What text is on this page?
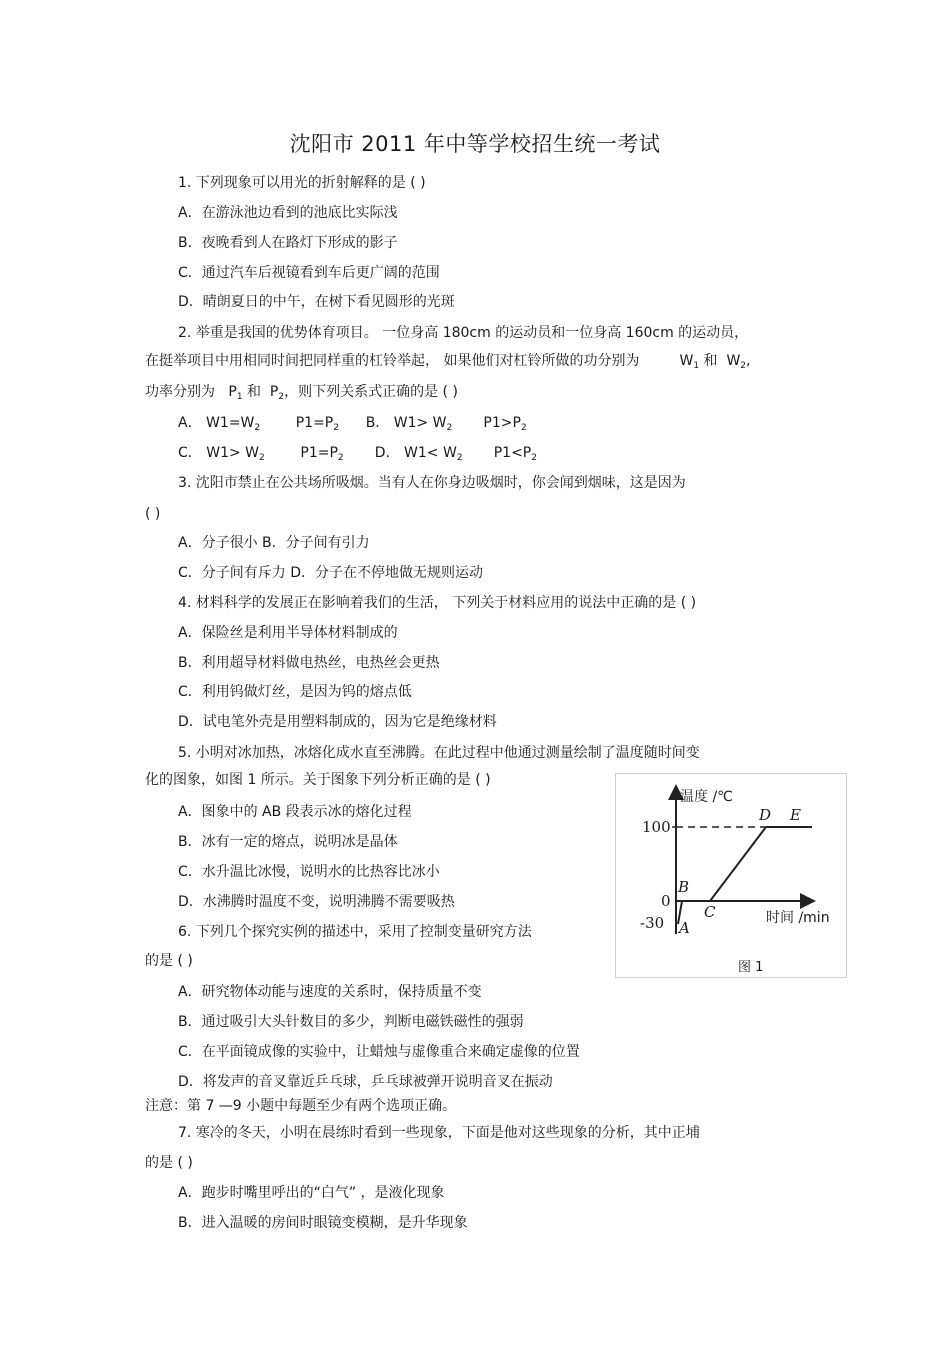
沈阳市 2011 年中等学校招生统一考试
1. 下列现象可以用光的折射解释的是 ( )
A．在游泳池边看到的池底比实际浅
B．夜晚看到人在路灯下形成的影子
C．通过汽车后视镜看到车后更广阔的范围
D．晴朗夏日的中午，在树下看见圆形的光斑
2. 举重是我国的优势体育项目。 一位身高 180cm 的运动员和一位身高 160cm 的运动员，
在挺举项目中用相同时间把同样重的杠铃举起， 如果他们对杠铃所做的功分别为	$W_1$ 和  $W_2$,
功率分别为 $P_1$ 和  $P_2$，则下列关系式正确的是 ( )
A． $W1=W_2$	$P1=P_2$ B． $W1> W_2$ $P1>P_2$
C． $W1> W_2$	$P1=P_2$ D． $W1< W_2$ $P1<P_2$
3. 沈阳市禁止在公共场所吸烟。当有人在你身边吸烟时，你会闻到烟味，这是因为
( )
A．分子很小 B．分子间有引力
C．分子间有斥力 D．分子在不停地做无规则运动
4. 材料科学的发展正在影响着我们的生活， 下列关于材料应用的说法中正确的是 ( )
A．保险丝是利用半导体材料制成的
B．利用超导材料做电热丝，电热丝会更热
C．利用钨做灯丝，是因为钨的熔点低
D．试电笔外壳是用塑料制成的，因为它是绝缘材料
5. 小明对冰加热，冰熔化成水直至沸腾。在此过程中他通过测量绘制了温度随时间变
化的图象，如图 1 所示。关于图象下列分析正确的是 ( )
A．图象中的 AB 段表示冰的熔化过程
B．冰有一定的熔点，说明冰是晶体
C．水升温比冰慢，说明水的比热容比冰小
D．水沸腾时温度不变，说明沸腾不需要吸热
6. 下列几个探究实例的描述中，采用了控制变量研究方法
的是 ( )
A．研究物体动能与速度的关系时，保持质量不变
B．通过吸引大头针数目的多少，判断电磁铁磁性的强弱
C．在平面镜成像的实验中，让蜡烛与虚像重合来确定虚像的位置
D．将发声的音叉靠近乒乓球，乒乓球被弹开说明音叉在振动
注意：第 7 —9 小题中每题至少有两个选项正确。
7. 寒冷的冬天，小明在晨练时看到一些现象，下面是他对这些现象的分析，其中正埔
的是 ( )
A．跑步时嘴里呼出的“白气” ，是液化现象
B．进入温暖的房间时眼镜变模糊，是升华现象
温度 /℃
100
0
-30 A
B
C
D E
时间 /min
图 1
